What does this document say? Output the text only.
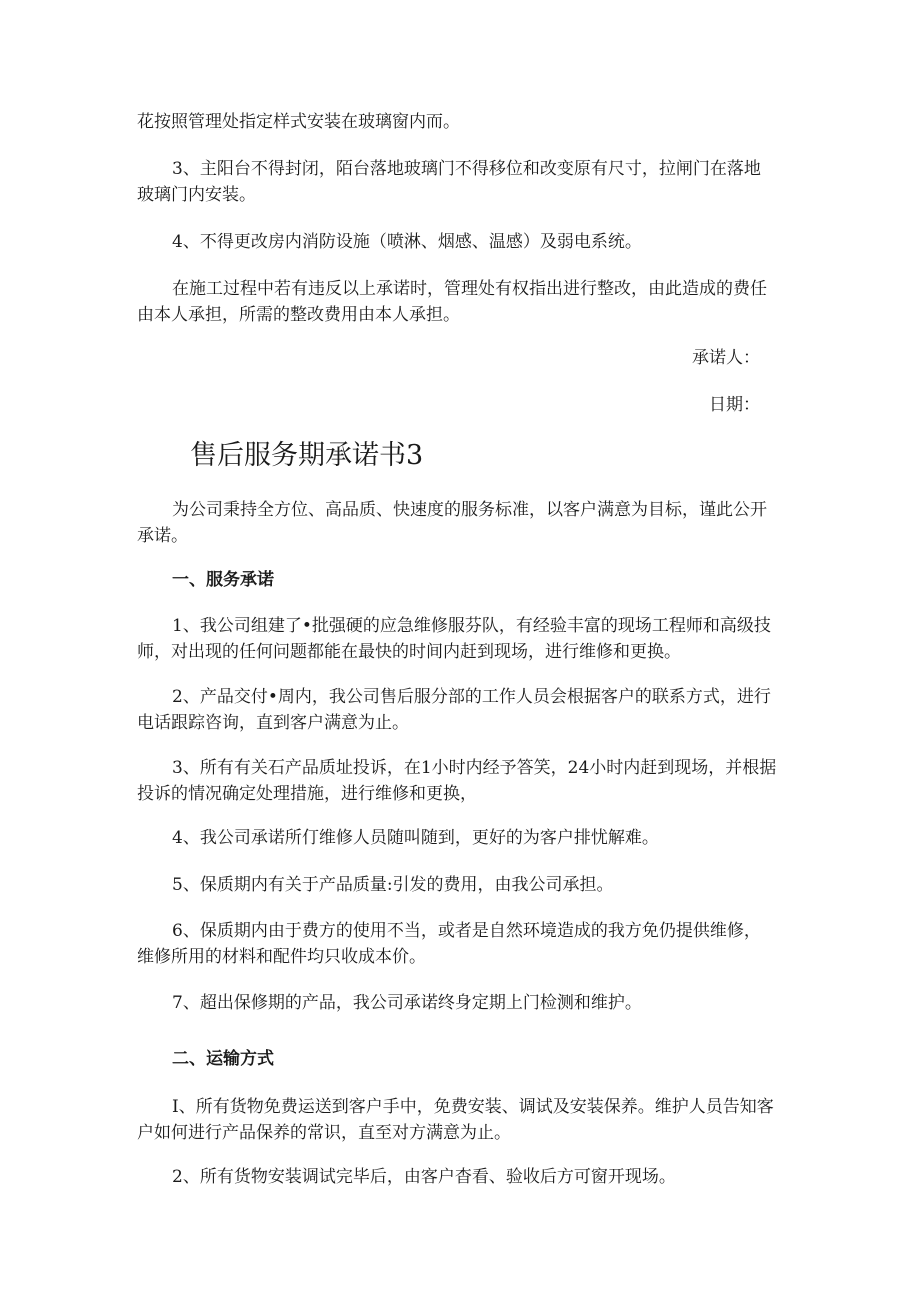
花按照管理处指定样式安装在玻璃窗内而。

3、主阳台不得封闭，陌台落地玻璃门不得移位和改变原有尺寸，拉闸门在落地玻璃门内安装。

4、不得更改房内消防设施（喷淋、烟感、温感）及弱电系统。

在施工过程中若有违反以上承诺时，管理处有权指出进行整改，由此造成的费任由本人承担，所需的整改费用由本人承担。

承诺人：

日期：

售后服务期承诺书3

为公司秉持全方位、高品质、快速度的服务标准，以客户满意为目标，谨此公开承诺。

一、服务承诺

1、我公司组建了•批强硬的应急维修服芬队，有经验丰富的现场工程师和高级技师，对出现的任何问题都能在最快的时间内赶到现场，进行维修和更换。

2、产品交付•周内，我公司售后服分部的工作人员会根据客户的联系方式，进行电话跟踪咨询，直到客户满意为止。

3、所有有关石产品质址投诉，在1小时内经予答笑，24小时内赶到现场，并根据投诉的情况确定处理措施，进行维修和更换，

4、我公司承诺所仃维修人员随叫随到，更好的为客户排忧解难。

5、保质期内有关于产品质量:引发的费用，由我公司承担。

6、保质期内由于费方的使用不当，或者是自然环境造成的我方免仍提供维修，维修所用的材料和配件均只收成本价。

7、超出保修期的产品，我公司承诺终身定期上门检测和维护。

二、运输方式

I、所有货物免费运送到客户手中，免费安装、调试及安装保养。维护人员告知客户如何进行产品保养的常识，直至对方满意为止。

2、所有货物安装调试完毕后，由客户杳看、验收后方可窗开现场。
